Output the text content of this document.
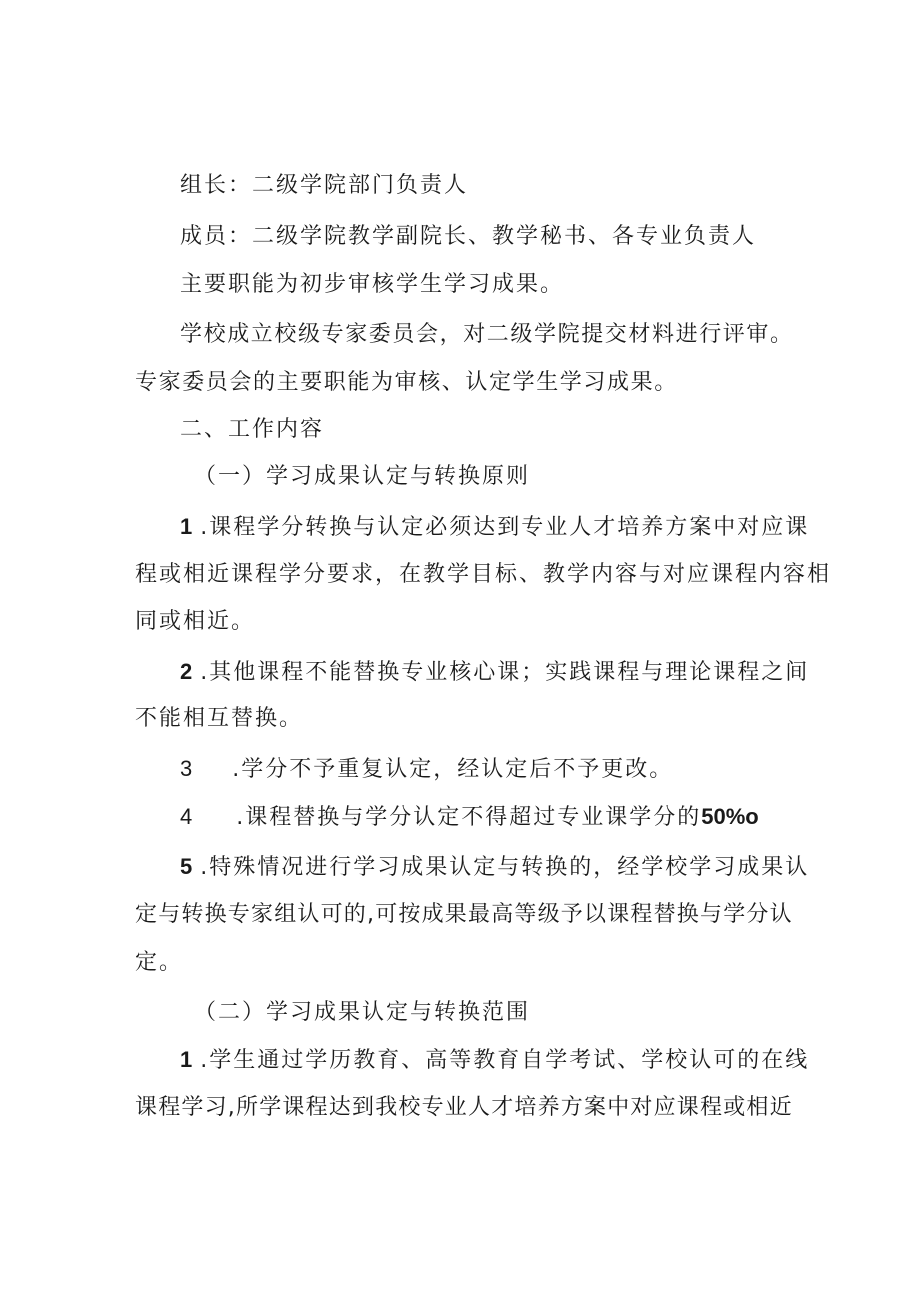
组长：二级学院部门负责人
成员：二级学院教学副院长、教学秘书、各专业负责人
主要职能为初步审核学生学习成果。
学校成立校级专家委员会，对二级学院提交材料进行评审。
专家委员会的主要职能为审核、认定学生学习成果。
二、工作内容
（一）学习成果认定与转换原则
1 .课程学分转换与认定必须达到专业人才培养方案中对应课
程或相近课程学分要求，在教学目标、教学内容与对应课程内容相
同或相近。
2 .其他课程不能替换专业核心课；实践课程与理论课程之间
不能相互替换。
3 .学分不予重复认定，经认定后不予更改。
4 .课程替换与学分认定不得超过专业课学分的50%o
5 .特殊情况进行学习成果认定与转换的，经学校学习成果认
定与转换专家组认可的,可按成果最高等级予以课程替换与学分认
定。
（二）学习成果认定与转换范围
1 .学生通过学历教育、高等教育自学考试、学校认可的在线
课程学习,所学课程达到我校专业人才培养方案中对应课程或相近
